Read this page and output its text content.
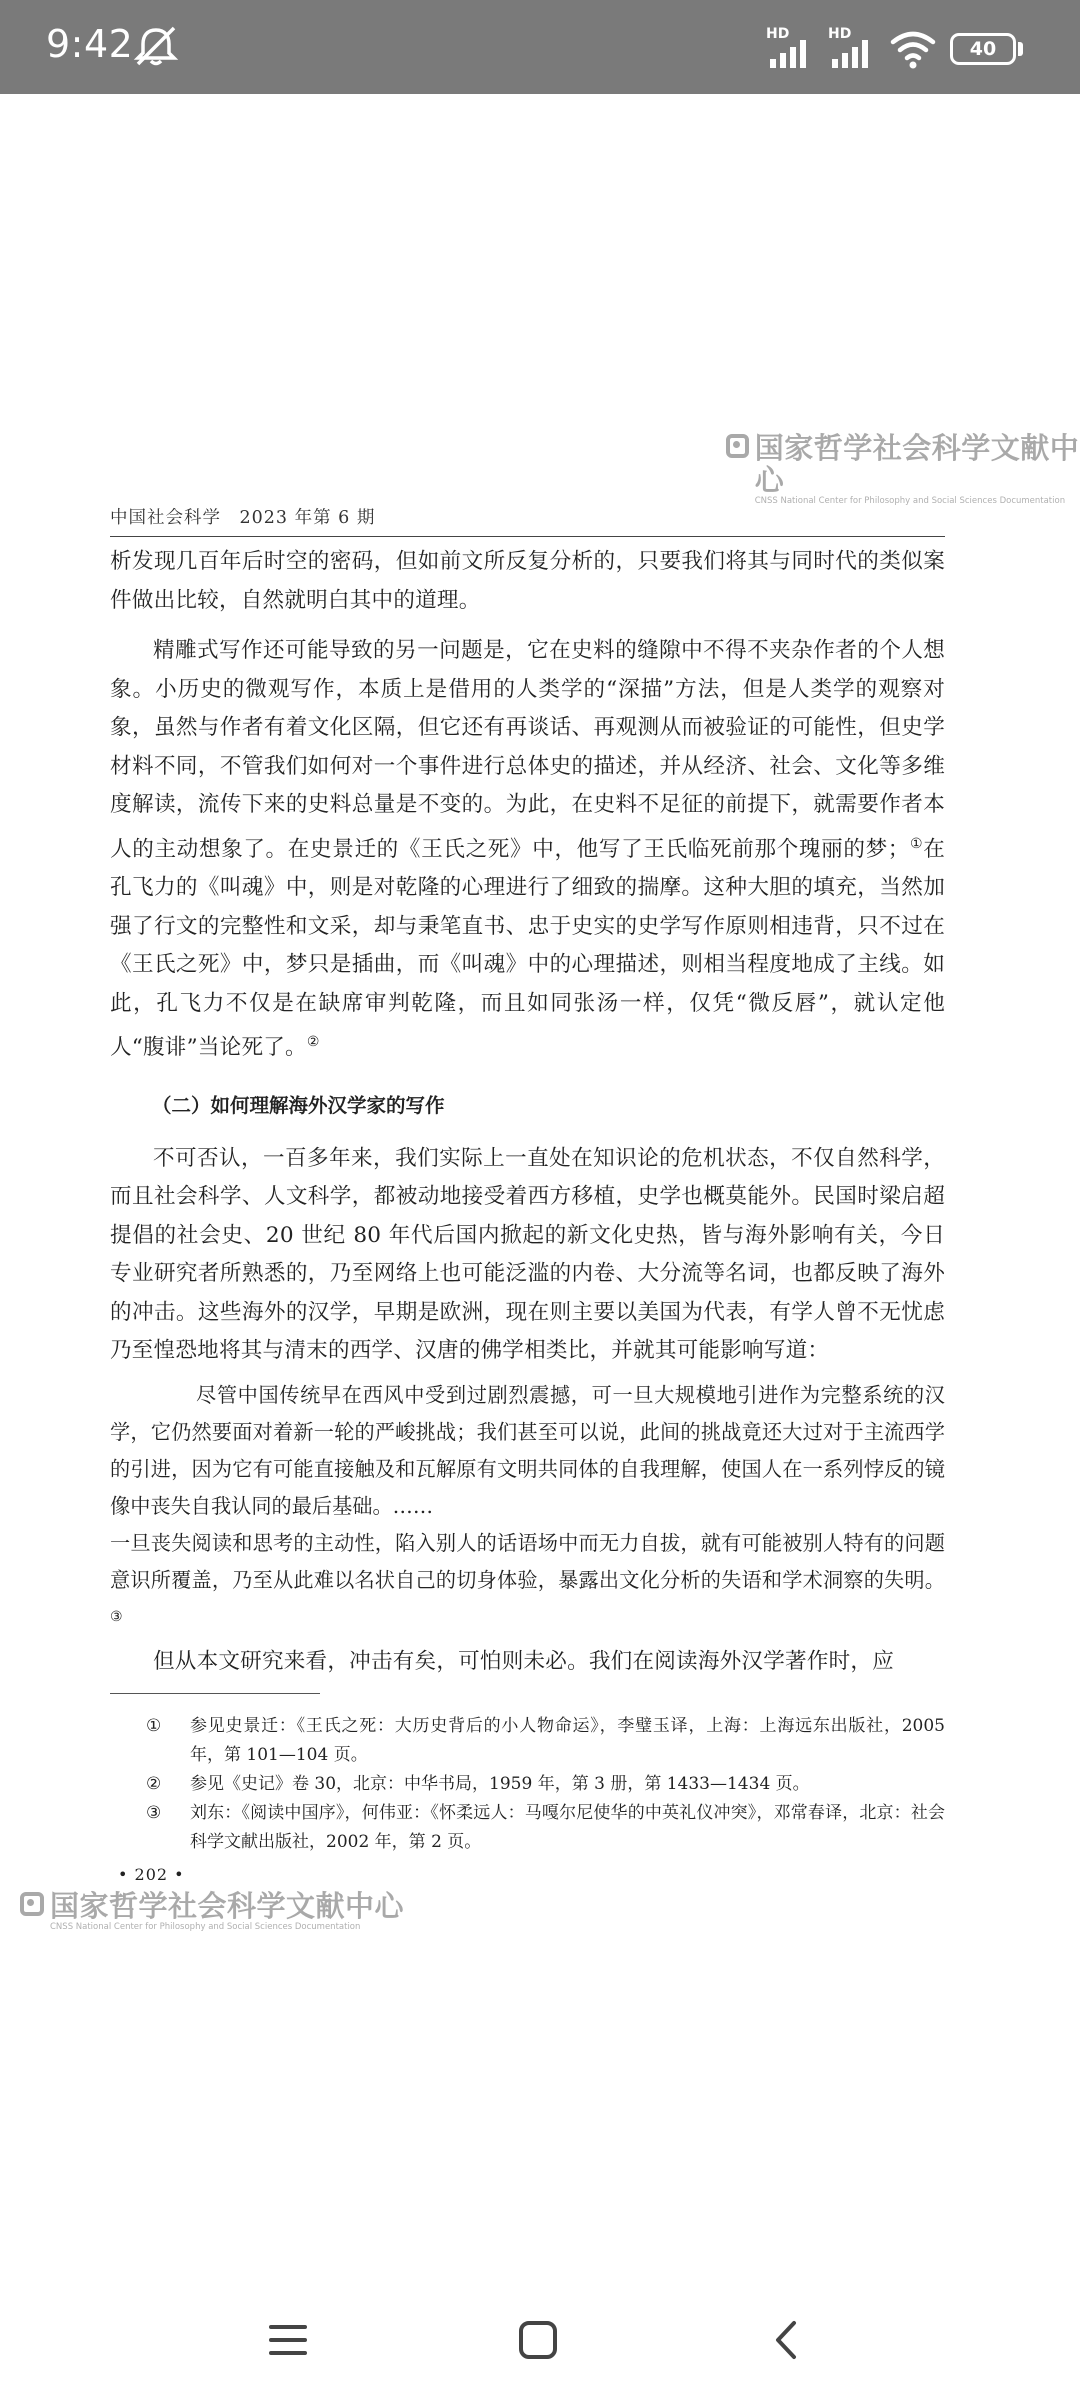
9:42	HD	HD
40
国家哲学社会科学文献中心
CNSS National Center for Philosophy and Social Sciences Documentation
中国社会科学　2023 年第 6 期

析发现几百年后时空的密码，但如前文所反复分析的，只要我们将其与同时代的类似案件做出比较，自然就明白其中的道理。

精雕式写作还可能导致的另一问题是，它在史料的缝隙中不得不夹杂作者的个人想象。小历史的微观写作，本质上是借用的人类学的“深描”方法，但是人类学的观察对象，虽然与作者有着文化区隔，但它还有再谈话、再观测从而被验证的可能性，但史学材料不同，不管我们如何对一个事件进行总体史的描述，并从经济、社会、文化等多维度解读，流传下来的史料总量是不变的。为此，在史料不足征的前提下，就需要作者本人的主动想象了。在史景迁的《王氏之死》中，他写了王氏临死前那个瑰丽的梦；①在孔飞力的《叫魂》中，则是对乾隆的心理进行了细致的揣摩。这种大胆的填充，当然加强了行文的完整性和文采，却与秉笔直书、忠于史实的史学写作原则相违背，只不过在《王氏之死》中，梦只是插曲，而《叫魂》中的心理描述，则相当程度地成了主线。如此，孔飞力不仅是在缺席审判乾隆，而且如同张汤一样，仅凭“微反唇”，就认定他人“腹诽”当论死了。②

（二）如何理解海外汉学家的写作

不可否认，一百多年来，我们实际上一直处在知识论的危机状态，不仅自然科学，而且社会科学、人文科学，都被动地接受着西方移植，史学也概莫能外。民国时梁启超提倡的社会史、20 世纪 80 年代后国内掀起的新文化史热，皆与海外影响有关，今日专业研究者所熟悉的，乃至网络上也可能泛滥的内卷、大分流等名词，也都反映了海外的冲击。这些海外的汉学，早期是欧洲，现在则主要以美国为代表，有学人曾不无忧虑乃至惶恐地将其与清末的西学、汉唐的佛学相类比，并就其可能影响写道：

尽管中国传统早在西风中受到过剧烈震撼，可一旦大规模地引进作为完整系统的汉学，它仍然要面对着新一轮的严峻挑战；我们甚至可以说，此间的挑战竟还大过对于主流西学的引进，因为它有可能直接触及和瓦解原有文明共同体的自我理解，使国人在一系列悖反的镜像中丧失自我认同的最后基础。……

一旦丧失阅读和思考的主动性，陷入别人的话语场中而无力自拔，就有可能被别人特有的问题意识所覆盖，乃至从此难以名状自己的切身体验，暴露出文化分析的失语和学术洞察的失明。③

但从本文研究来看，冲击有矣，可怕则未必。我们在阅读海外汉学著作时，应

①	参见史景迁：《王氏之死：大历史背后的小人物命运》，李璧玉译，上海：上海远东出版社，2005 年，第 101—104 页。
②	参见《史记》卷 30，北京：中华书局，1959 年，第 3 册，第 1433—1434 页。
③	刘东：《阅读中国序》，何伟亚：《怀柔远人：马嘎尔尼使华的中英礼仪冲突》，邓常春译，北京：社会科学文献出版社，2002 年，第 2 页。
• 202 •
国家哲学社会科学文献中心
CNSS National Center for Philosophy and Social Sciences Documentation
